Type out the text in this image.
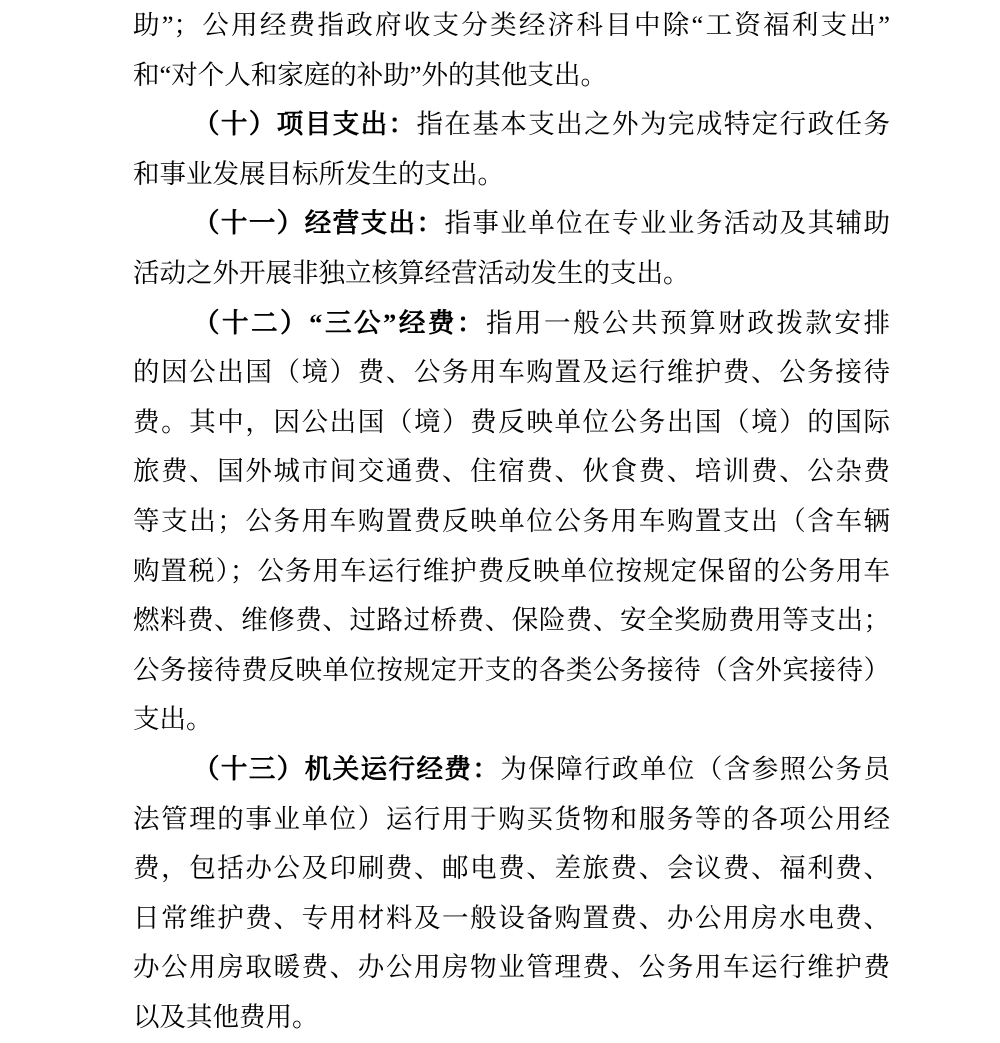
助”；公用经费指政府收支分类经济科目中除“工资福利支出”
和“对个人和家庭的补助”外的其他支出。
（十）项目支出：指在基本支出之外为完成特定行政任务
和事业发展目标所发生的支出。
（十一）经营支出：指事业单位在专业业务活动及其辅助
活动之外开展非独立核算经营活动发生的支出。
（十二）“三公”经费：指用一般公共预算财政拨款安排
的因公出国（境）费、公务用车购置及运行维护费、公务接待
费。其中，因公出国（境）费反映单位公务出国（境）的国际
旅费、国外城市间交通费、住宿费、伙食费、培训费、公杂费
等支出；公务用车购置费反映单位公务用车购置支出（含车辆
购置税）；公务用车运行维护费反映单位按规定保留的公务用车
燃料费、维修费、过路过桥费、保险费、安全奖励费用等支出；
公务接待费反映单位按规定开支的各类公务接待（含外宾接待）
支出。
（十三）机关运行经费：为保障行政单位（含参照公务员
法管理的事业单位）运行用于购买货物和服务等的各项公用经
费，包括办公及印刷费、邮电费、差旅费、会议费、福利费、
日常维护费、专用材料及一般设备购置费、办公用房水电费、
办公用房取暖费、办公用房物业管理费、公务用车运行维护费
以及其他费用。
